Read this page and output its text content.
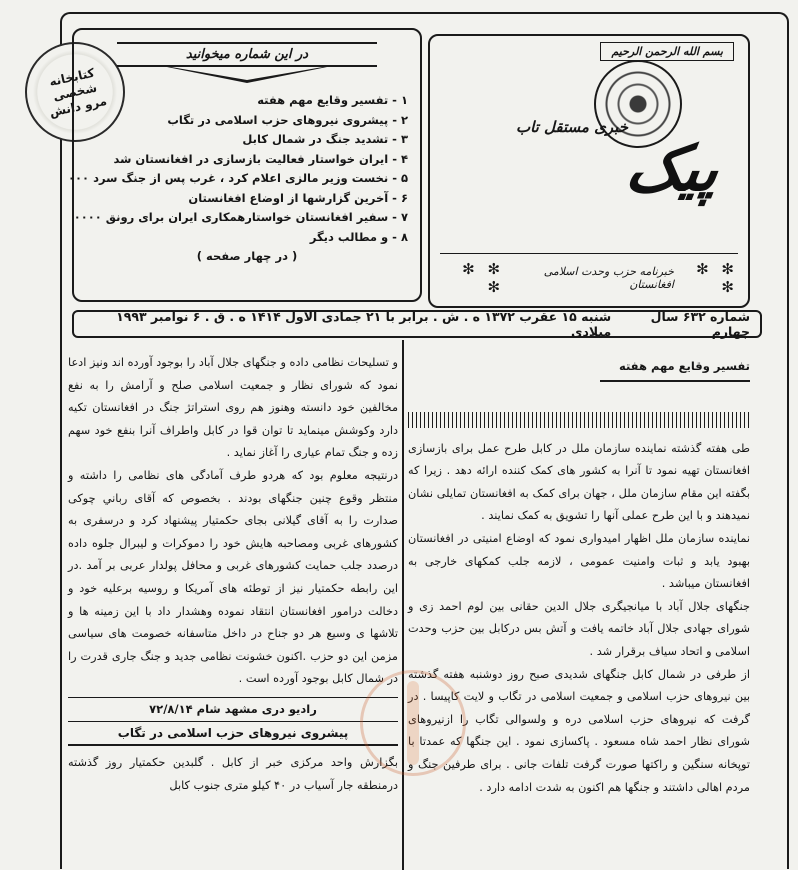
کتابخانه شخصی مرو دانش
در این شماره میخوانید
۱ - تفسیر وقایع مهم هفته
۲ - پیشروی نیروهای حزب اسلامی در تگاب
۳ - تشدید جنگ در شمال کابل
۴ - ایران خواستار فعالیت بازسازی در افغانستان شد
۵ - نخست وزیر مالزی اعلام کرد ، غرب پس از جنگ سرد ۰۰۰
۶ - آخرین گزارشها از اوضاع افغانستان
۷ - سفیر افغانستان خواستارهمکاری ایران برای رونق ۰۰۰۰
۸ - و مطالب دیگر
( در چهار صفحه )
بسم الله الرحمن الرحیم
خبری مستقل تاب
پیک
✻ ✻ ✻
خبرنامه حزب وحدت اسلامی افغانستان
✻ ✻ ✻
شماره ۶۳۲ سال چهارم
شنبه ۱۵ عقرب ۱۳۷۲ ه . ش . برابر با ۲۱ جمادی الاول ۱۴۱۴ ه . ق . ۶ نوامبر ۱۹۹۳ میلادی
تفسیر وقایع مهم هفته

طی هفته گذشته نماینده سازمان ملل در کابل طرح عمل برای بازسازی افغانستان تهیه نمود تا آنرا به کشور های کمک کننده ارائه دهد . زیرا که بگفته این مقام سازمان ملل ، جهان برای کمک به افغانستان تمایلی نشان نمیدهند و با این طرح عملی آنها را تشویق به کمک نمایند .

نماینده سازمان ملل اظهار امیدواری نمود که اوضاع امنیتی در افغانستان بهبود یابد و ثبات وامنیت عمومی ، لازمه جلب کمکهای خارجی به افغانستان میباشد .

جنگهای جلال آباد با میانجیگری جلال الدین حقانی بین لوم احمد زی و شورای جهادی جلال آباد خاتمه یافت و آتش بس درکابل بین حزب وحدت اسلامی و اتحاد سیاف برقرار شد .

از طرفی در شمال کابل جنگهای شدیدی صبح روز دوشنبه هفته گذشته بین نیروهای حزب اسلامی و جمعیت اسلامی در تگاب و لایت کاپیسا . در گرفت که نیروهای حزب اسلامی دره و ولسوالی تگاب را ازنیروهای شورای نظار احمد شاه مسعود . پاکسازی نمود . این جنگها که عمدتا با توپخانه سنگین و راکتها صورت گرفت تلفات جانی . برای طرفین جنگ و مردم اهالی داشتند و جنگها هم اکنون به شدت ادامه دارد .

و تسلیحات نظامی داده و جنگهای جلال آباد را بوجود آورده اند ونیز ادعا نمود که شورای نظار و جمعیت اسلامی صلح و آرامش را به نفع مخالفین خود دانسته وهنوز هم روی استراتژ جنگ در افغانستان تکیه دارد وکوشش مینماید تا توان قوا در کابل واطراف آنرا بنفع خود سهم زده و جنگ تمام عیاری را آغاز نماید .

درنتیجه معلوم بود که هردو طرف آمادگی های نظامی را داشته و منتظر وقوع چنین جنگهای بودند . بخصوص که آقای رباني چوکی صدارت را به آقای گیلانی بجای حکمتیار پیشنهاد کرد و درسفری به کشورهای غربی ومصاحبه هایش خود را دموکرات و لیبرال جلوه داده درصدد جلب حمایت کشورهای غربی و محافل پولدار عربی بر آمد .در این رابطه حکمتیار نیز از توطئه های آمریکا و روسیه برعلیه خود و دخالت درامور افغانستان انتقاد نموده وهشدار داد با این زمینه ها و تلاشها ی وسیع هر دو جناح در داخل متاسفانه خصومت های سیاسی مزمن این دو حزب .اکنون خشونت نظامی جدید و جنگ جاری قدرت را در شمال کابل بوجود آورده است .

رادیو دری مشهد شام ۷۲/۸/۱۴
پیشروی نیروهای حزب اسلامی در تگاب

بگزارش واحد مرکزی خبر از کابل . گلبدین حکمتیار روز گذشته درمنطقه جار آسیاب در ۴۰ کیلو متری جنوب کابل
